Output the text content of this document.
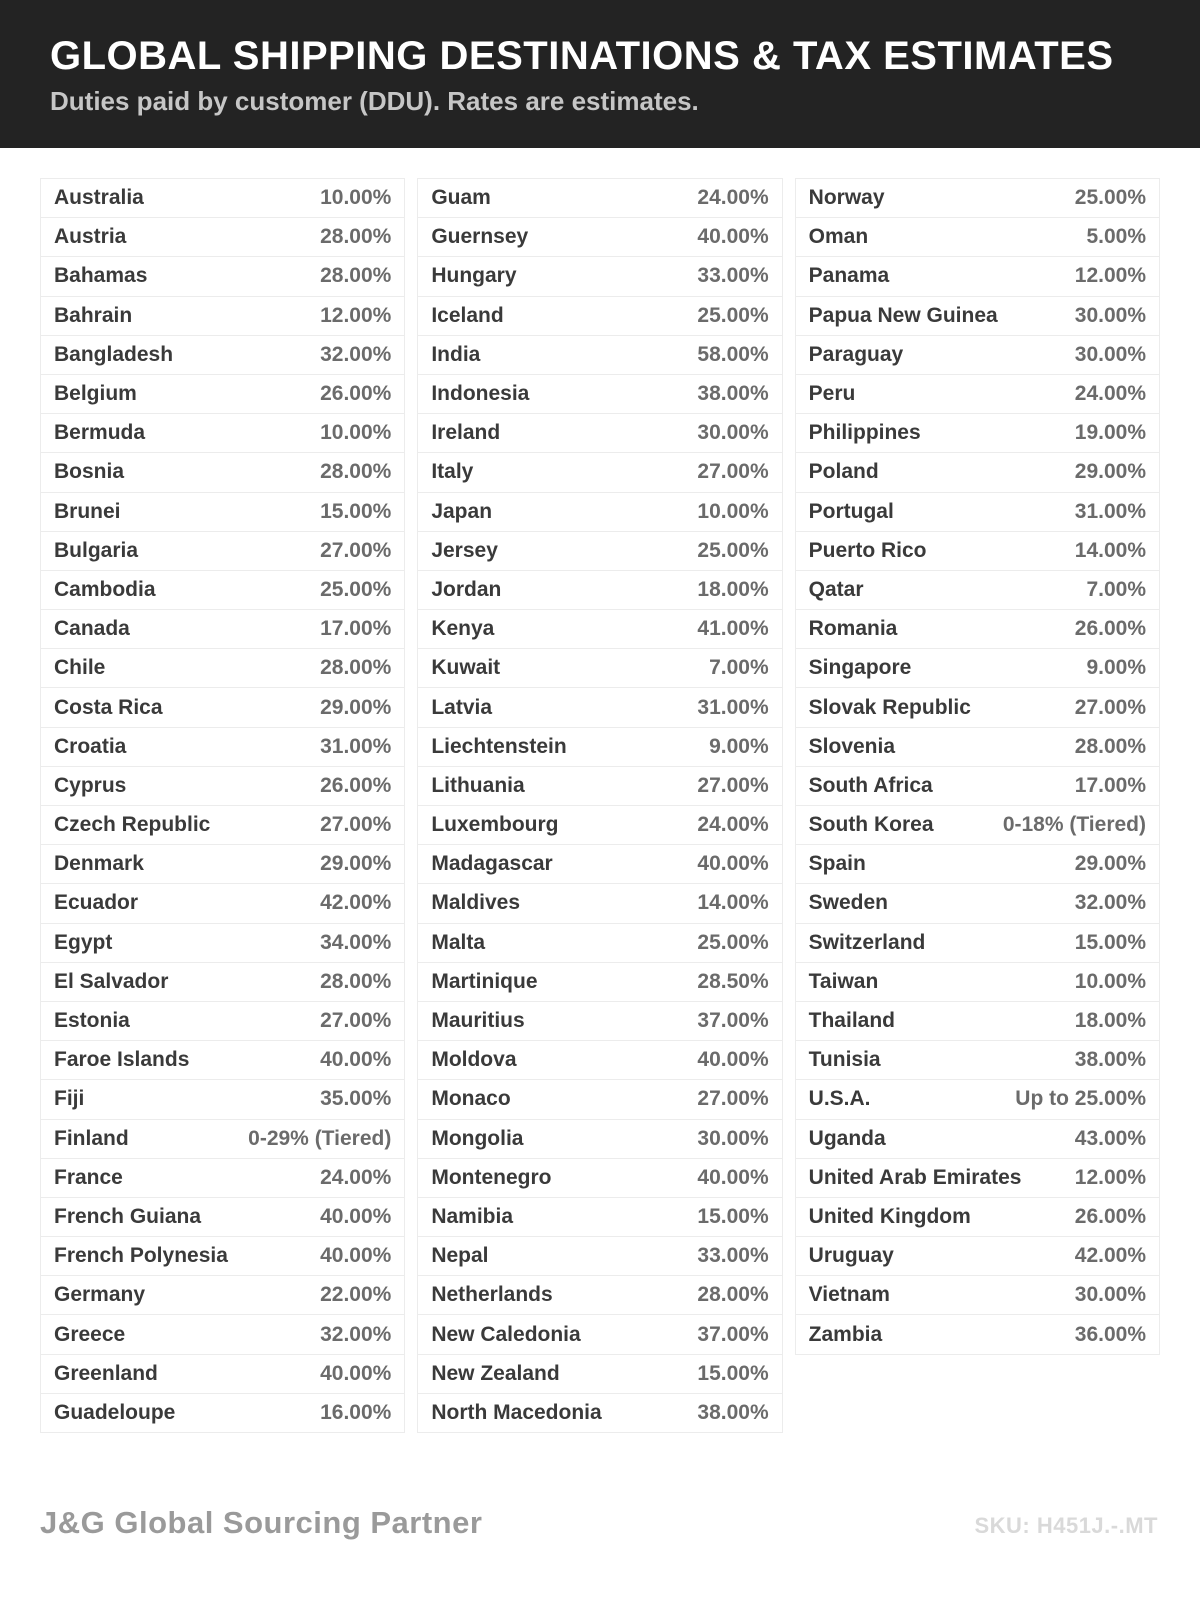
GLOBAL SHIPPING DESTINATIONS & TAX ESTIMATES
Duties paid by customer (DDU). Rates are estimates.
Australia	10.00%
Austria	28.00%
Bahamas	28.00%
Bahrain	12.00%
Bangladesh	32.00%
Belgium	26.00%
Bermuda	10.00%
Bosnia	28.00%
Brunei	15.00%
Bulgaria	27.00%
Cambodia	25.00%
Canada	17.00%
Chile	28.00%
Costa Rica	29.00%
Croatia	31.00%
Cyprus	26.00%
Czech Republic	27.00%
Denmark	29.00%
Ecuador	42.00%
Egypt	34.00%
El Salvador	28.00%
Estonia	27.00%
Faroe Islands	40.00%
Fiji	35.00%
Finland	0-29% (Tiered)
France	24.00%
French Guiana	40.00%
French Polynesia	40.00%
Germany	22.00%
Greece	32.00%
Greenland	40.00%
Guadeloupe	16.00%
Guam	24.00%
Guernsey	40.00%
Hungary	33.00%
Iceland	25.00%
India	58.00%
Indonesia	38.00%
Ireland	30.00%
Italy	27.00%
Japan	10.00%
Jersey	25.00%
Jordan	18.00%
Kenya	41.00%
Kuwait	7.00%
Latvia	31.00%
Liechtenstein	9.00%
Lithuania	27.00%
Luxembourg	24.00%
Madagascar	40.00%
Maldives	14.00%
Malta	25.00%
Martinique	28.50%
Mauritius	37.00%
Moldova	40.00%
Monaco	27.00%
Mongolia	30.00%
Montenegro	40.00%
Namibia	15.00%
Nepal	33.00%
Netherlands	28.00%
New Caledonia	37.00%
New Zealand	15.00%
North Macedonia	38.00%
Norway	25.00%
Oman	5.00%
Panama	12.00%
Papua New Guinea	30.00%
Paraguay	30.00%
Peru	24.00%
Philippines	19.00%
Poland	29.00%
Portugal	31.00%
Puerto Rico	14.00%
Qatar	7.00%
Romania	26.00%
Singapore	9.00%
Slovak Republic	27.00%
Slovenia	28.00%
South Africa	17.00%
South Korea	0-18% (Tiered)
Spain	29.00%
Sweden	32.00%
Switzerland	15.00%
Taiwan	10.00%
Thailand	18.00%
Tunisia	38.00%
U.S.A.	Up to 25.00%
Uganda	43.00%
United Arab Emirates	12.00%
United Kingdom	26.00%
Uruguay	42.00%
Vietnam	30.00%
Zambia	36.00%
J&G Global Sourcing Partner	SKU: H451J.-.MT
